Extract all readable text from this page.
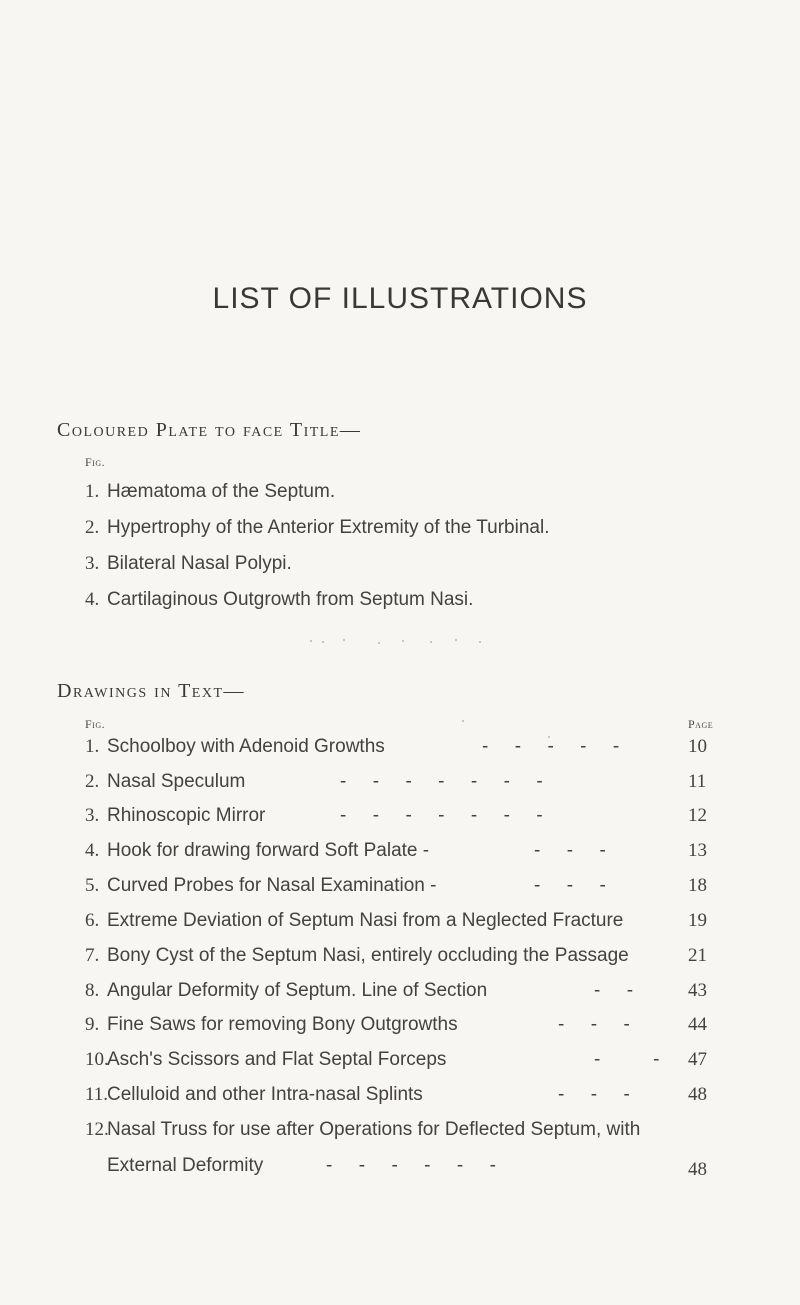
LIST OF ILLUSTRATIONS
Coloured Plate to face Title—
Fig.
1. Hæmatoma of the Septum.
2. Hypertrophy of the Anterior Extremity of the Turbinal.
3. Bilateral Nasal Polypi.
4. Cartilaginous Outgrowth from Septum Nasi.
Drawings in Text—
Fig.	Page
1. Schoolboy with Adenoid Growths	-     -     -     -     -	10
2. Nasal Speculum	-     -     -     -     -     -     -	11
3. Rhinoscopic Mirror	-     -     -     -     -     -     -	12
4. Hook for drawing forward Soft Palate -	-     -     -	13
5. Curved Probes for Nasal Examination -	-     -     -	18
6. Extreme Deviation of Septum Nasi from a Neglected Fracture	19
7. Bony Cyst of the Septum Nasi, entirely occluding the Passage	21
8. Angular Deformity of Septum. Line of Section	-     -	43
9. Fine Saws for removing Bony Outgrowths	-     -     -	44
10.Asch's Scissors and Flat Septal Forceps	-          - 47
11.Celluloid and other Intra-nasal Splints	-     -     -	48
12.Nasal Truss for use after Operations for Deflected Septum, with
External Deformity	-     -     -     -     -     -	48
